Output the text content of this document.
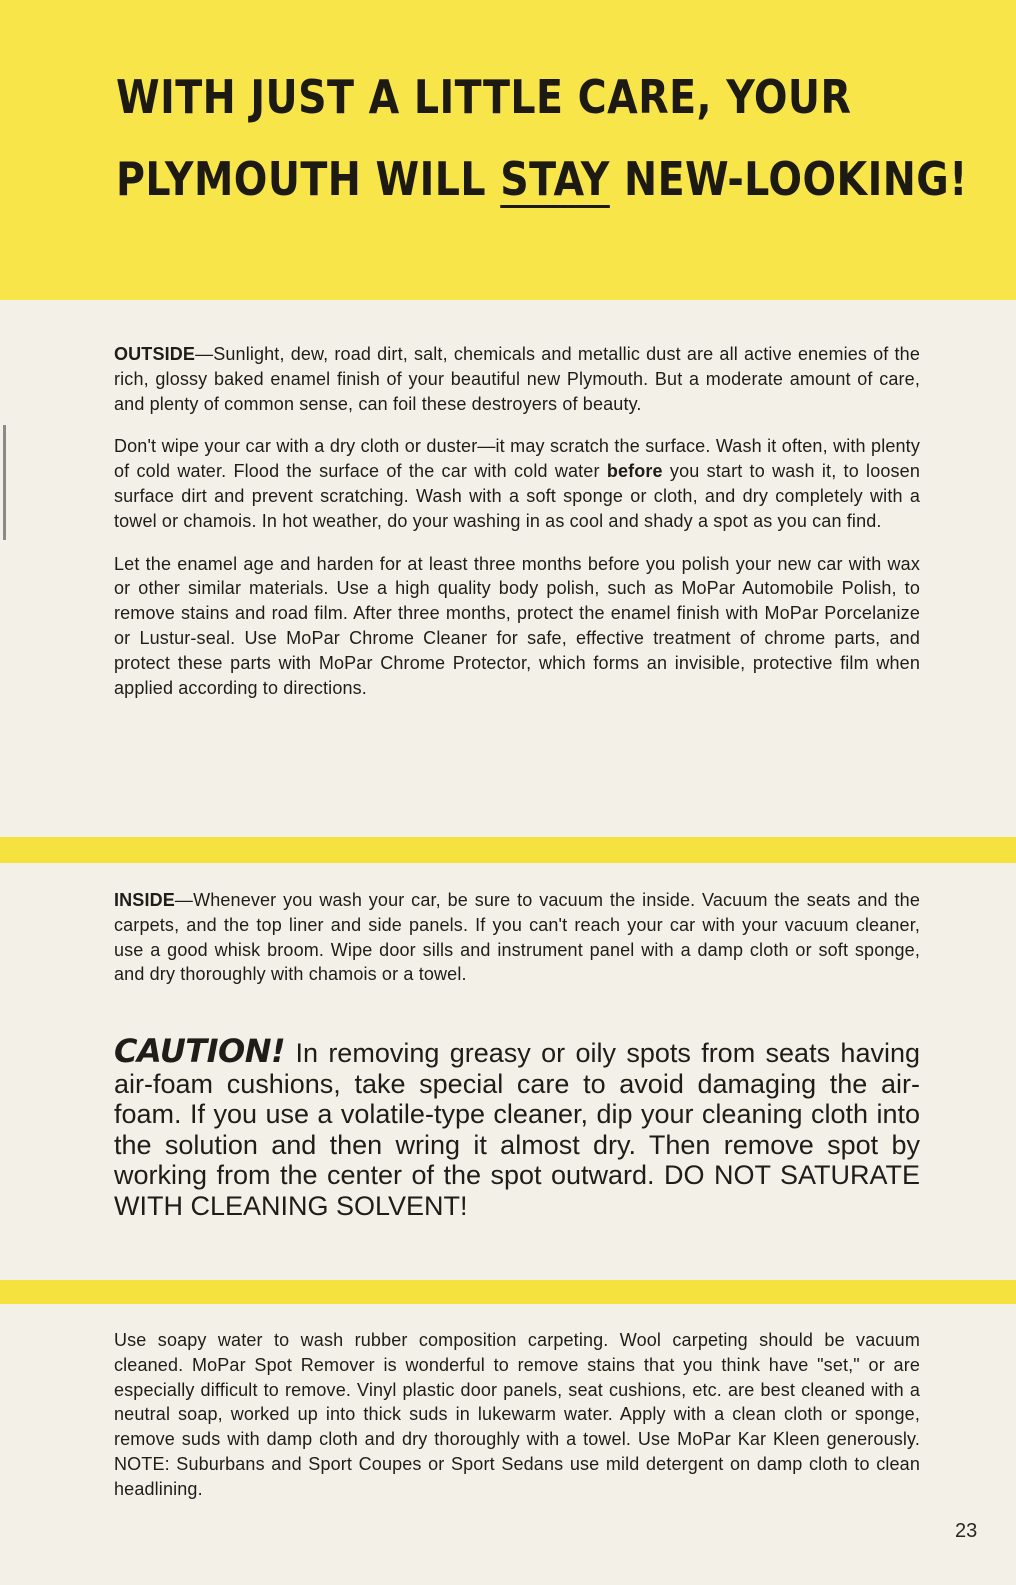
WITH JUST A LITTLE CARE, YOUR
PLYMOUTH WILL STAY NEW-LOOKING!

OUTSIDE—Sunlight, dew, road dirt, salt, chemicals and metallic dust are all active enemies of the rich, glossy baked enamel finish of your beautiful new Plymouth. But a moderate amount of care, and plenty of common sense, can foil these destroyers of beauty.

Don't wipe your car with a dry cloth or duster—it may scratch the surface. Wash it often, with plenty of cold water. Flood the surface of the car with cold water before you start to wash it, to loosen surface dirt and prevent scratching. Wash with a soft sponge or cloth, and dry completely with a towel or chamois. In hot weather, do your washing in as cool and shady a spot as you can find.

Let the enamel age and harden for at least three months before you polish your new car with wax or other similar materials. Use a high quality body polish, such as MoPar Automobile Polish, to remove stains and road film. After three months, protect the enamel finish with MoPar Porcelanize or Lustur-seal. Use MoPar Chrome Cleaner for safe, effective treatment of chrome parts, and protect these parts with MoPar Chrome Protector, which forms an invisible, protective film when applied according to directions.

INSIDE—Whenever you wash your car, be sure to vacuum the inside. Vacuum the seats and the carpets, and the top liner and side panels. If you can't reach your car with your vacuum cleaner, use a good whisk broom. Wipe door sills and instrument panel with a damp cloth or soft sponge, and dry thoroughly with chamois or a towel.

CAUTION! In removing greasy or oily spots from seats having air-foam cushions, take special care to avoid damaging the air-foam. If you use a volatile-type cleaner, dip your cleaning cloth into the solution and then wring it almost dry. Then remove spot by working from the center of the spot outward. DO NOT SATURATE WITH CLEANING SOLVENT!

Use soapy water to wash rubber composition carpeting. Wool carpeting should be vacuum cleaned. MoPar Spot Remover is wonderful to remove stains that you think have "set," or are especially difficult to remove. Vinyl plastic door panels, seat cushions, etc. are best cleaned with a neutral soap, worked up into thick suds in lukewarm water. Apply with a clean cloth or sponge, remove suds with damp cloth and dry thoroughly with a towel. Use MoPar Kar Kleen generously. NOTE: Suburbans and Sport Coupes or Sport Sedans use mild detergent on damp cloth to clean headlining.

23
